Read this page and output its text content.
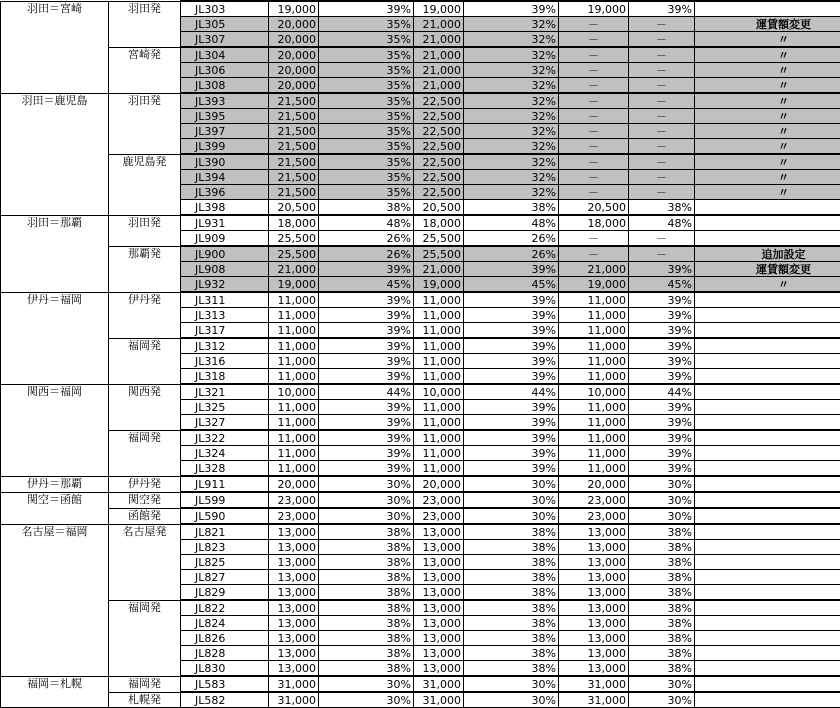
羽田＝宮崎	羽田発	JL303	19,000	39%	19,000	39%	19,000	39%	
		JL305	20,000	35%	21,000	32%	－	－	運賃額変更
		JL307	20,000	35%	21,000	32%	－	－	〃
	宮崎発	JL304	20,000	35%	21,000	32%	－	－	〃
		JL306	20,000	35%	21,000	32%	－	－	〃
		JL308	20,000	35%	21,000	32%	－	－	〃
羽田＝鹿児島	羽田発	JL393	21,500	35%	22,500	32%	－	－	〃
		JL395	21,500	35%	22,500	32%	－	－	〃
		JL397	21,500	35%	22,500	32%	－	－	〃
		JL399	21,500	35%	22,500	32%	－	－	〃
	鹿児島発	JL390	21,500	35%	22,500	32%	－	－	〃
		JL394	21,500	35%	22,500	32%	－	－	〃
		JL396	21,500	35%	22,500	32%	－	－	〃
		JL398	20,500	38%	20,500	38%	20,500	38%	
羽田＝那覇	羽田発	JL931	18,000	48%	18,000	48%	18,000	48%	
		JL909	25,500	26%	25,500	26%	－	－	
	那覇発	JL900	25,500	26%	25,500	26%	－	－	追加設定
		JL908	21,000	39%	21,000	39%	21,000	39%	運賃額変更
		JL932	19,000	45%	19,000	45%	19,000	45%	〃
伊丹＝福岡	伊丹発	JL311	11,000	39%	11,000	39%	11,000	39%	
		JL313	11,000	39%	11,000	39%	11,000	39%	
		JL317	11,000	39%	11,000	39%	11,000	39%	
	福岡発	JL312	11,000	39%	11,000	39%	11,000	39%	
		JL316	11,000	39%	11,000	39%	11,000	39%	
		JL318	11,000	39%	11,000	39%	11,000	39%	
関西＝福岡	関西発	JL321	10,000	44%	10,000	44%	10,000	44%	
		JL325	11,000	39%	11,000	39%	11,000	39%	
		JL327	11,000	39%	11,000	39%	11,000	39%	
	福岡発	JL322	11,000	39%	11,000	39%	11,000	39%	
		JL324	11,000	39%	11,000	39%	11,000	39%	
		JL328	11,000	39%	11,000	39%	11,000	39%	
伊丹＝那覇	伊丹発	JL911	20,000	30%	20,000	30%	20,000	30%	
関空＝函館	関空発	JL599	23,000	30%	23,000	30%	23,000	30%	
	函館発	JL590	23,000	30%	23,000	30%	23,000	30%	
名古屋＝福岡	名古屋発	JL821	13,000	38%	13,000	38%	13,000	38%	
		JL823	13,000	38%	13,000	38%	13,000	38%	
		JL825	13,000	38%	13,000	38%	13,000	38%	
		JL827	13,000	38%	13,000	38%	13,000	38%	
		JL829	13,000	38%	13,000	38%	13,000	38%	
	福岡発	JL822	13,000	38%	13,000	38%	13,000	38%	
		JL824	13,000	38%	13,000	38%	13,000	38%	
		JL826	13,000	38%	13,000	38%	13,000	38%	
		JL828	13,000	38%	13,000	38%	13,000	38%	
		JL830	13,000	38%	13,000	38%	13,000	38%	
福岡＝札幌	福岡発	JL583	31,000	30%	31,000	30%	31,000	30%	
	札幌発	JL582	31,000	30%	31,000	30%	31,000	30%	
